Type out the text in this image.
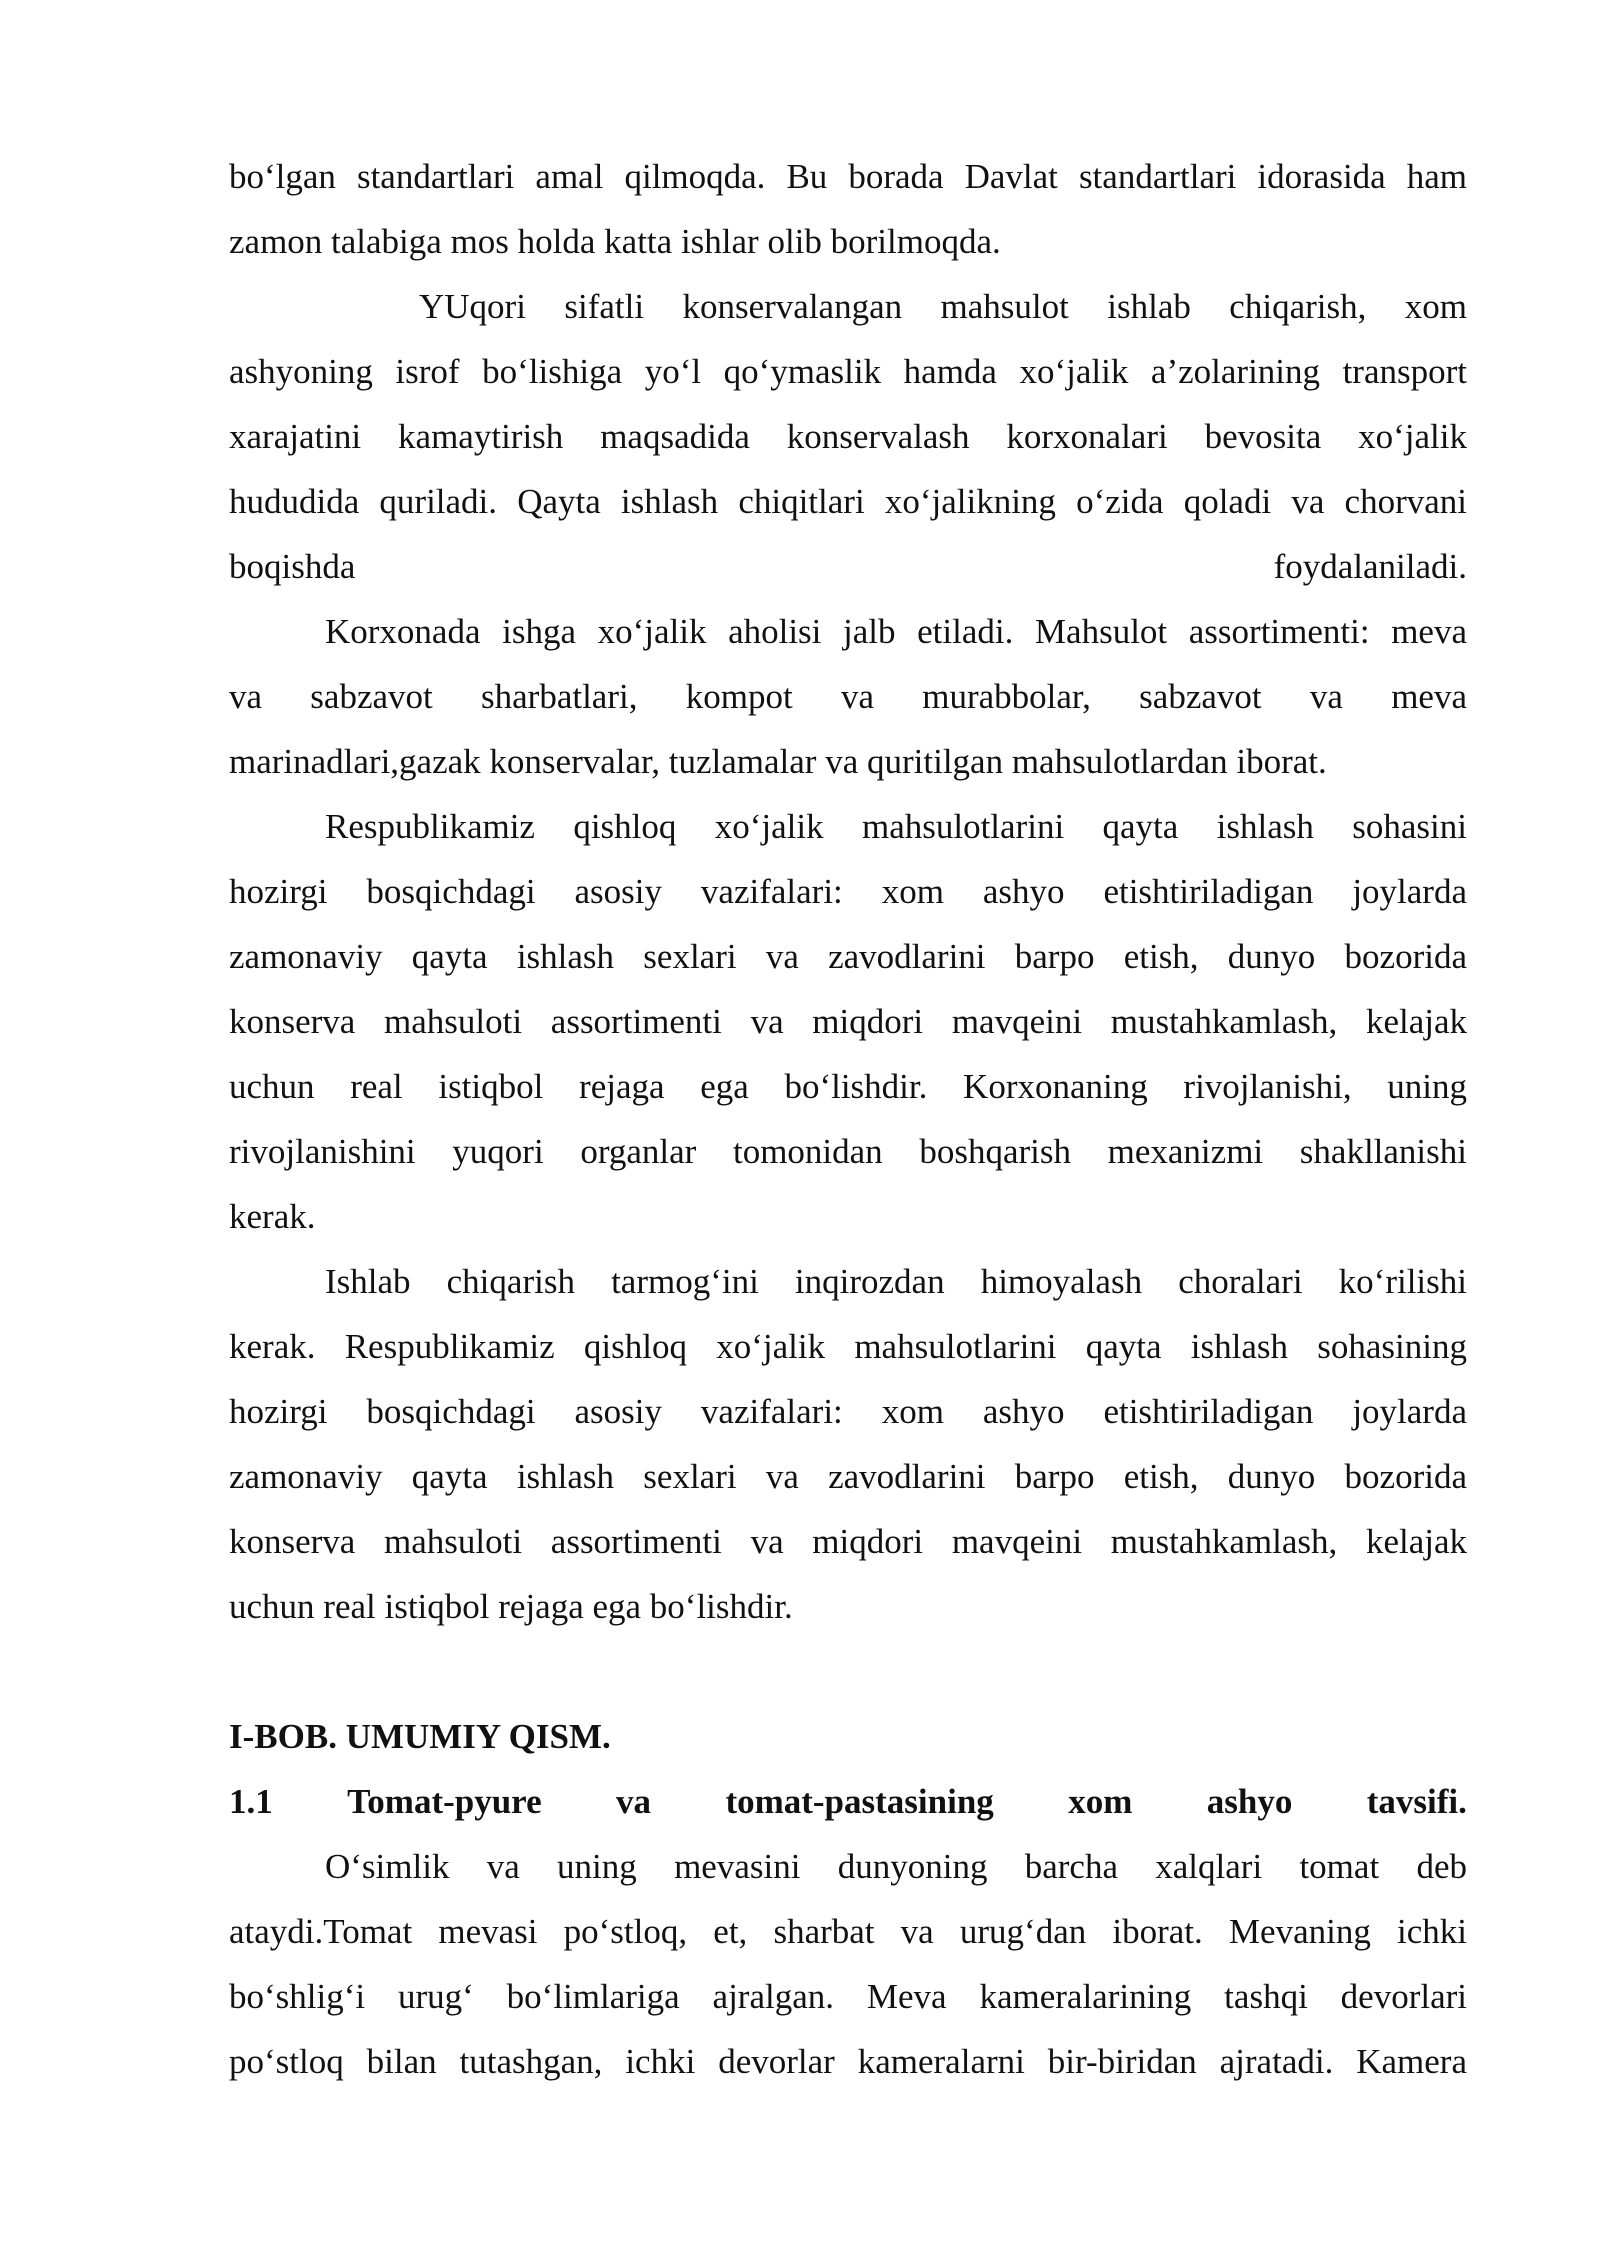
bo‘lgan standartlari amal qilmoqda. Bu borada Davlat standartlari idorasida ham
zamon talabiga mos holda katta ishlar olib borilmoqda.
YUqori sifatli konservalangan mahsulot ishlab chiqarish, xom
ashyoning isrof bo‘lishiga yo‘l qo‘ymaslik hamda xo‘jalik a’zolarining transport
xarajatini kamaytirish maqsadida konservalash korxonalari bevosita xo‘jalik
hududida quriladi. Qayta ishlash chiqitlari xo‘jalikning o‘zida qoladi va chorvani
boqishda	foydalaniladi.
Korxonada ishga xo‘jalik aholisi jalb etiladi. Mahsulot assortimenti: meva
va sabzavot sharbatlari, kompot va murabbolar, sabzavot va meva
marinadlari,gazak konservalar, tuzlamalar va quritilgan mahsulotlardan iborat.
Respublikamiz qishloq xo‘jalik mahsulotlarini qayta ishlash sohasini
hozirgi bosqichdagi asosiy vazifalari: xom ashyo etishtiriladigan joylarda
zamonaviy qayta ishlash sexlari va zavodlarini barpo etish, dunyo bozorida
konserva mahsuloti assortimenti va miqdori mavqeini mustahkamlash, kelajak
uchun real istiqbol rejaga ega bo‘lishdir. Korxonaning rivojlanishi, uning
rivojlanishini yuqori organlar tomonidan boshqarish mexanizmi shakllanishi
kerak.
Ishlab chiqarish tarmog‘ini inqirozdan himoyalash choralari ko‘rilishi
kerak. Respublikamiz qishloq xo‘jalik mahsulotlarini qayta ishlash sohasining
hozirgi bosqichdagi asosiy vazifalari: xom ashyo etishtiriladigan joylarda
zamonaviy qayta ishlash sexlari va zavodlarini barpo etish, dunyo bozorida
konserva mahsuloti assortimenti va miqdori mavqeini mustahkamlash, kelajak
uchun real istiqbol rejaga ega bo‘lishdir.
I-BOB. UMUMIY QISM.
1.1 Tomat-pyure va tomat-pastasining xom ashyo tavsifi.
O‘simlik va uning mevasini dunyoning barcha xalqlari tomat deb
ataydi.Tomat mevasi po‘stloq, et, sharbat va urug‘dan iborat. Mevaning ichki
bo‘shlig‘i urug‘ bo‘limlariga ajralgan. Meva kameralarining tashqi devorlari
po‘stloq bilan tutashgan, ichki devorlar kameralarni bir-biridan ajratadi. Kamera
